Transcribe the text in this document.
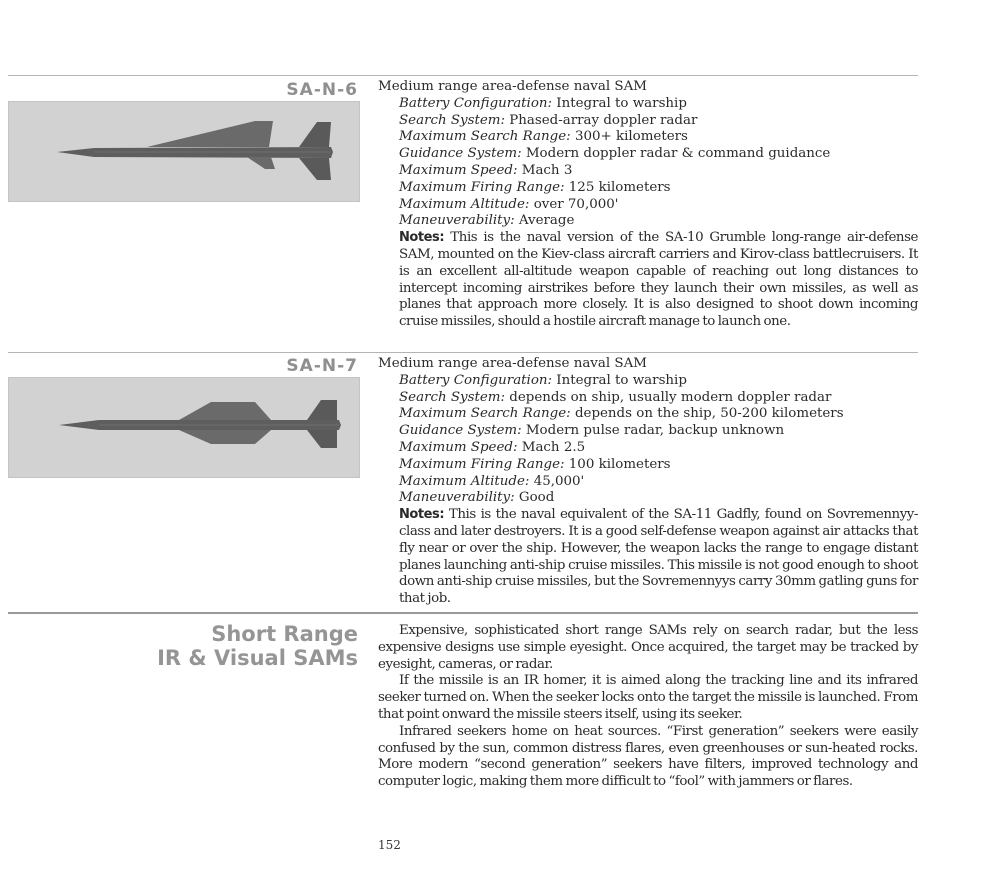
SA-N-6 Medium range area-defense naval SAM
Battery Configuration: Integral to warship
Search System: Phased-array doppler radar
Maximum Search Range: 300+ kilometers
Guidance System: Modern doppler radar & command guidance
Maximum Speed: Mach 3
Maximum Firing Range: 125 kilometers
Maximum Altitude: over 70,000'
Maneuverability: Average
Notes: This is the naval version of the SA-10 Grumble long-range air-defense SAM, mounted on the Kiev-class aircraft carriers and Kirov-class battlecruisers. It is an excellent all-altitude weapon capable of reaching out long distances to intercept incoming airstrikes before they launch their own missiles, as well as planes that approach more closely. It is also designed to shoot down incoming cruise missiles, should a hostile aircraft manage to launch one.
SA-N-7 Medium range area-defense naval SAM
Battery Configuration: Integral to warship
Search System: depends on ship, usually modern doppler radar
Maximum Search Range: depends on the ship, 50-200 kilometers
Guidance System: Modern pulse radar, backup unknown
Maximum Speed: Mach 2.5
Maximum Firing Range: 100 kilometers
Maximum Altitude: 45,000'
Maneuverability: Good
Notes: This is the naval equivalent of the SA-11 Gadfly, found on Sovremennyy-class and later destroyers. It is a good self-defense weapon against air attacks that fly near or over the ship. However, the weapon lacks the range to engage distant planes launching anti-ship cruise missiles. This missile is not good enough to shoot down anti-ship cruise missiles, but the Sovremennyys carry 30mm gatling guns for that job.
Short Range
IR & Visual SAMs

Expensive, sophisticated short range SAMs rely on search radar, but the less expensive designs use simple eyesight. Once acquired, the target may be tracked by eyesight, cameras, or radar.

If the missile is an IR homer, it is aimed along the tracking line and its infrared seeker turned on. When the seeker locks onto the target the missile is launched. From that point onward the missile steers itself, using its seeker.

Infrared seekers home on heat sources. “First generation” seekers were easily confused by the sun, common distress flares, even greenhouses or sun-heated rocks. More modern “second generation” seekers have filters, improved technology and computer logic, making them more difficult to “fool” with jammers or flares.

152
